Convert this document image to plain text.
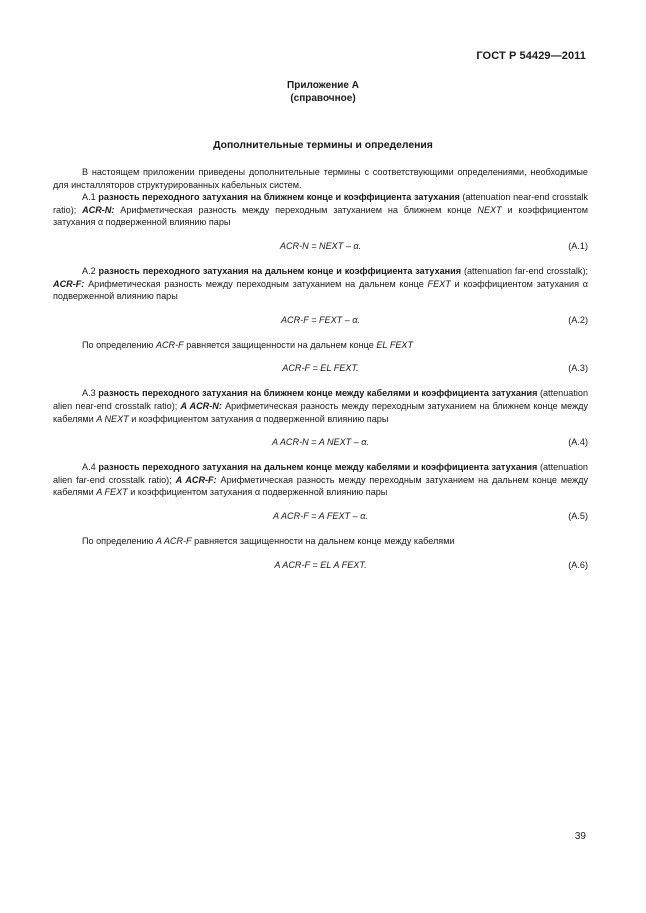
ГОСТ Р 54429—2011
Приложение А
(справочное)
Дополнительные термины и определения

В настоящем приложении приведены дополнительные термины с соответствующими определениями, необходимые для инсталляторов структурированных кабельных систем.

А.1 разность переходного затухания на ближнем конце и коэффициента затухания (attenuation near-end crosstalk ratio); ACR-N: Арифметическая разность между переходным затуханием на ближнем конце NEXT и коэффициентом затухания α подверженной влиянию пары

ACR-N = NEXT – α.	(А.1)

А.2 разность переходного затухания на дальнем конце и коэффициента затухания (attenuation far-end crosstalk); ACR-F: Арифметическая разность между переходным затуханием на дальнем конце FEXT и коэффициентом затухания α подверженной влиянию пары

ACR-F = FEXT – α.	(А.2)

По определению ACR-F равняется защищенности на дальнем конце EL FEXT

ACR-F = EL FEXT.	(А.3)

А.3 разность переходного затухания на ближнем конце между кабелями и коэффициента затухания (attenuation alien near-end crosstalk ratio); A ACR-N: Арифметическая разность между переходным затуханием на ближнем конце между кабелями A NEXT и коэффициентом затухания α подверженной влиянию пары

A ACR-N = A NEXT – α.	(А.4)

А.4 разность переходного затухания на дальнем конце между кабелями и коэффициента затухания (attenuation alien far-end crosstalk ratio); A ACR-F: Арифметическая разность между переходным затуханием на дальнем конце между кабелями A FEXT и коэффициентом затухания α подверженной влиянию пары

A ACR-F = A FEXT – α.	(А.5)

По определению A ACR-F равняется защищенности на дальнем конце между кабелями

A ACR-F = EL A FEXT.	(А.6)
39
